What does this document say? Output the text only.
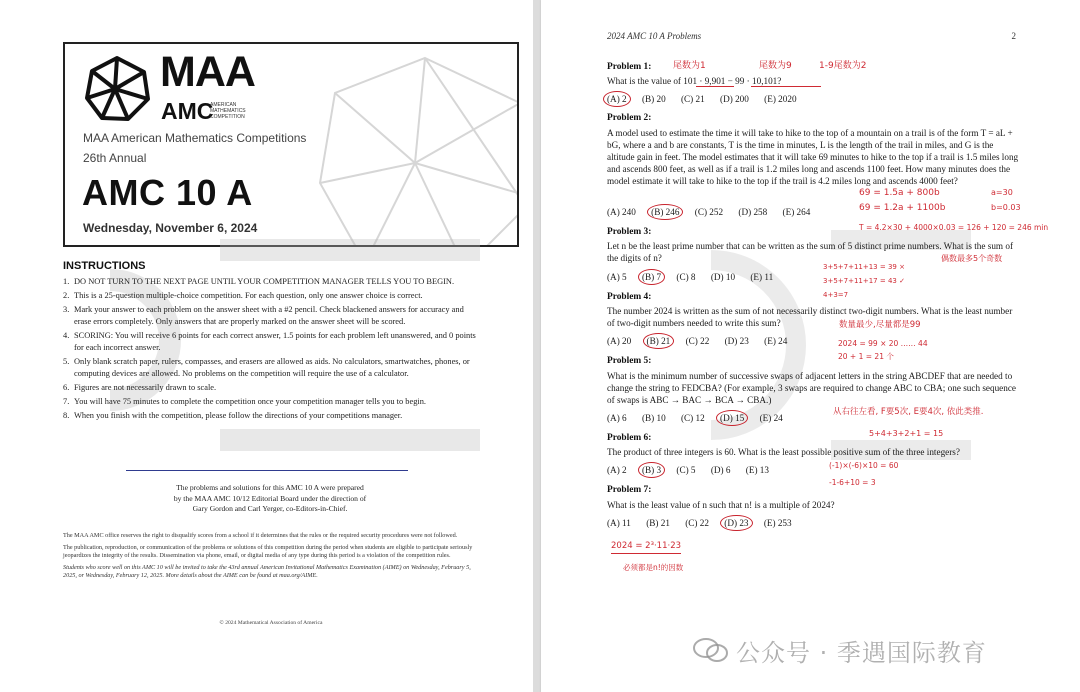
MAA
AMC
AMERICAN
MATHEMATICS
COMPETITION
MAA American Mathematics Competitions
26th Annual
AMC 10 A
Wednesday, November 6, 2024
INSTRUCTIONS
1. DO NOT TURN TO THE NEXT PAGE UNTIL YOUR COMPETITION MANAGER TELLS YOU TO BEGIN.
2. This is a 25-question multiple-choice competition. For each question, only one answer choice is correct.
3. Mark your answer to each problem on the answer sheet with a #2 pencil. Check blackened answers for accuracy and erase errors completely. Only answers that are properly marked on the answer sheet will be scored.
4. SCORING: You will receive 6 points for each correct answer, 1.5 points for each problem left unanswered, and 0 points for each incorrect answer.
5. Only blank scratch paper, rulers, compasses, and erasers are allowed as aids. No calculators, smartwatches, phones, or computing devices are allowed. No problems on the competition will require the use of a calculator.
6. Figures are not necessarily drawn to scale.
7. You will have 75 minutes to complete the competition once your competition manager tells you to begin.
8. When you finish with the competition, please follow the directions of your competitions manager.
The problems and solutions for this AMC 10 A were prepared
by the MAA AMC 10/12 Editorial Board under the direction of
Gary Gordon and Carl Yerger, co-Editors-in-Chief.

The MAA AMC office reserves the right to disqualify scores from a school if it determines that the rules or the required security procedures were not followed.

The publication, reproduction, or communication of the problems or solutions of this competition during the period when students are eligible to participate seriously jeopardizes the integrity of the results. Dissemination via phone, email, or digital media of any type during this period is a violation of the competition rules.

Students who score well on this AMC 10 will be invited to take the 43rd annual American Invitational Mathematics Examination (AIME) on Wednesday, February 5, 2025, or Wednesday, February 12, 2025. More details about the AIME can be found at maa.org/AIME.

© 2024 Mathematical Association of America
2024 AMC 10 A Problems	2
Problem 1:
What is the value of 101 · 9,901 − 99 · 10,101?
(A) 2 (B) 20 (C) 21 (D) 200 (E) 2020
尾数为1	尾数为9	1-9尾数为2
Problem 2:
A model used to estimate the time it will take to hike to the top of a mountain on a trail is of the form T = aL + bG, where a and b are constants, T is the time in minutes, L is the length of the trail in miles, and G is the altitude gain in feet. The model estimates that it will take 69 minutes to hike to the top if a trail is 1.5 miles long and ascends 800 feet, as well as if a trail is 1.2 miles long and ascends 1100 feet. How many minutes does the model estimate it will take to hike to the top if the trail is 4.2 miles long and ascends 4000 feet?
(A) 240 (B) 246 (C) 252 (D) 258 (E) 264
69 = 1.5a + 800b
69 = 1.2a + 1100b
a=30
b=0.03
T = 4.2×30 + 4000×0.03 = 126 + 120 = 246 min
Problem 3:
Let n be the least prime number that can be written as the sum of 5 distinct prime numbers. What is the sum of the digits of n?
(A) 5 (B) 7 (C) 8 (D) 10 (E) 11
3+5+7+11+13 = 39 ×
3+5+7+11+17 = 43 ✓
4+3=7
偶数最多5个奇数
Problem 4:
The number 2024 is written as the sum of not necessarily distinct two-digit numbers. What is the least number of two-digit numbers needed to write this sum?
(A) 20 (B) 21 (C) 22 (D) 23 (E) 24
数量最少,尽量都是99
2024 = 99 × 20 …… 44
20 + 1 = 21 个
Problem 5:
What is the minimum number of successive swaps of adjacent letters in the string ABCDEF that are needed to change the string to FEDCBA? (For example, 3 swaps are required to change ABC to CBA; one such sequence of swaps is ABC → BAC → BCA → CBA.)
(A) 6 (B) 10 (C) 12 (D) 15 (E) 24
从右往左看, F要5次, E要4次, 依此类推.
5+4+3+2+1 = 15
Problem 6:
The product of three integers is 60. What is the least possible positive sum of the three integers?
(A) 2 (B) 3 (C) 5 (D) 6 (E) 13	(-1)×(-6)×10 = 60
-1-6+10 = 3
Problem 7:
What is the least value of n such that n! is a multiple of 2024?
(A) 11 (B) 21 (C) 22 (D) 23 (E) 253
2024 = 2³·11·23
必须都是n!的因数
公众号 · 季遇国际教育
